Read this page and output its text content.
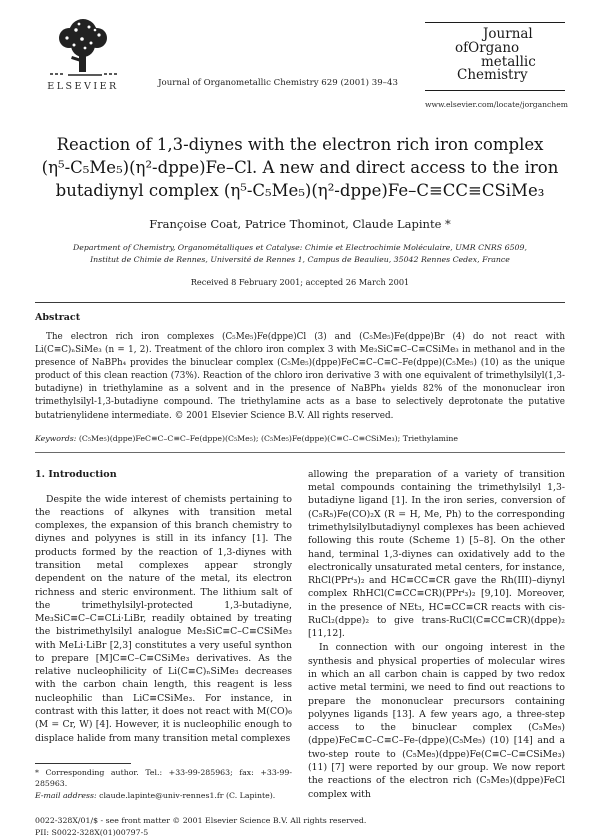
ELSEVIER	Journal of Organometallic Chemistry 629 (2001) 39–43
Journal
ofOrgano
metallic
Chemistry
www.elsevier.com/locate/jorganchem
Reaction of 1,3-diynes with the electron rich iron complex
(η⁵-C₅Me₅)(η²-dppe)Fe–Cl. A new and direct access to the iron
butadiynyl complex (η⁵-C₅Me₅)(η²-dppe)Fe–C≡CC≡CSiMe₃
Françoise Coat, Patrice Thominot, Claude Lapinte *
Department of Chemistry, Organométalliques et Catalyse: Chimie et Electrochimie Moléculaire, UMR CNRS 6509,
Institut de Chimie de Rennes, Université de Rennes 1, Campus de Beaulieu, 35042 Rennes Cedex, France
Received 8 February 2001; accepted 26 March 2001
Abstract
The electron rich iron complexes (C₅Me₅)Fe(dppe)Cl (3) and (C₅Me₅)Fe(dppe)Br (4) do not react with Li(C≡C)ₙSiMe₃ (n = 1, 2). Treatment of the chloro iron complex 3 with Me₃SiC≡C–C≡CSiMe₃ in methanol and in the presence of NaBPh₄ provides the binuclear complex (C₅Me₅)(dppe)FeC≡C–C≡C–Fe(dppe)(C₅Me₅) (10) as the unique product of this clean reaction (73%). Reaction of the chloro iron derivative 3 with one equivalent of trimethylsilyl(1,3-butadiyne) in triethylamine as a solvent and in the presence of NaBPh₄ yields 82% of the mononuclear iron trimethylsilyl-1,3-butadiyne compound. The triethylamine acts as a base to selectively deprotonate the putative butatrienylidene intermediate. © 2001 Elsevier Science B.V. All rights reserved.
Keywords: (C₅Me₅)(dppe)FeC≡C–C≡C–Fe(dppe)(C₅Me₅); (C₅Me₅)Fe(dppe)(C≡C–C≡CSiMe₃); Triethylamine
1. Introduction

Despite the wide interest of chemists pertaining to the reactions of alkynes with transition metal complexes, the expansion of this branch chemistry to diynes and polyynes is still in its infancy [1]. The products formed by the reaction of 1,3-diynes with transition metal complexes appear strongly dependent on the nature of the metal, its electron richness and steric environment. The lithium salt of the trimethylsilyl-protected 1,3-butadiyne, Me₃SiC≡C–C≡CLi·LiBr, readily obtained by treating the bistrimethylsilyl analogue Me₃SiC≡C–C≡CSiMe₃ with MeLi·LiBr [2,3] constitutes a very useful synthon to prepare [M]C≡C–C≡CSiMe₃ derivatives. As the relative nucleophilicity of Li(C≡C)ₙSiMe₃ decreases with the carbon chain length, this reagent is less nucleophilic than LiC≡CSiMe₃. For instance, in contrast with this latter, it does not react with M(CO)₆ (M = Cr, W) [4]. However, it is nucleophilic enough to displace halide from many transition metal complexes

* Corresponding author. Tel.: +33-99-285963; fax: +33-99-285963.
E-mail address: claude.lapinte@univ-rennes1.fr (C. Lapinte).

allowing the preparation of a variety of transition metal compounds containing the trimethylsilyl 1,3-butadiyne ligand [1]. In the iron series, conversion of (C₅R₅)Fe(CO)₂X (R = H, Me, Ph) to the corresponding trimethylsilylbutadiynyl complexes has been achieved following this route (Scheme 1) [5–8]. On the other hand, terminal 1,3-diynes can oxidatively add to the electronically unsaturated metal centers, for instance, RhCl(PPrⁱ₃)₂ and HC≡CC≡CR gave the Rh(III)–diynyl complex RhHCl(C≡CC≡CR)(PPrⁱ₃)₂ [9,10]. Moreover, in the presence of NEt₃, HC≡CC≡CR reacts with cis-RuCl₂(dppe)₂ to give trans-RuCl(C≡CC≡CR)(dppe)₂ [11,12].

In connection with our ongoing interest in the synthesis and physical properties of molecular wires in which an all carbon chain is capped by two redox active metal termini, we need to find out reactions to prepare the mononuclear precursors containing polyynes ligands [13]. A few years ago, a three-step access to the binuclear complex (C₅Me₅)(dppe)FeC≡C–C≡C–Fe-(dppe)(C₅Me₅) (10) [14] and a two-step route to (C₅Me₅)(dppe)Fe(C≡C–C≡CSiMe₃) (11) [7] were reported by our group. We now report the reactions of the electron rich (C₅Me₅)(dppe)FeCl complex with

0022-328X/01/$ - see front matter © 2001 Elsevier Science B.V. All rights reserved.
PII: S0022-328X(01)00797-5
